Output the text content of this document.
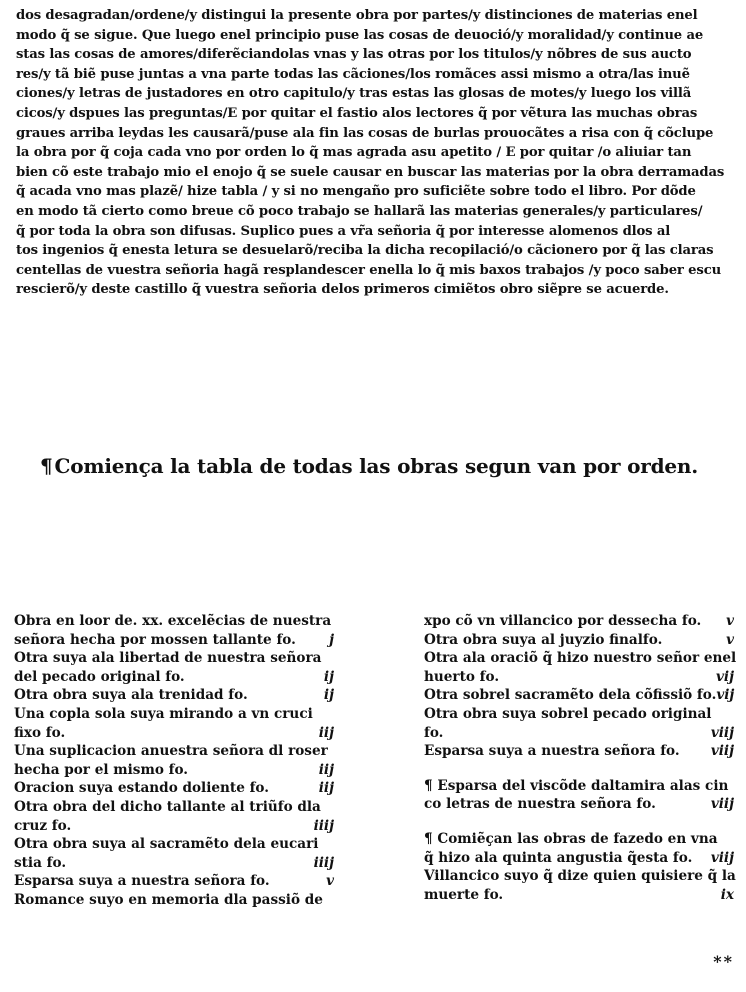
dos desagradan/ordene/y distingui la presente obra por partes/y distinciones de materias enel
modo q̃ se sigue. Que luego enel principio puse las cosas de deuoció/y moralidad/y continue ae
stas las cosas de amores/diferẽciandolas vnas y las otras por los titulos/y nõbres de sus aucto
res/y tã biẽ puse juntas a vna parte todas las cãciones/los romãces assi mismo a otra/las inuẽ
ciones/y letras de justadores en otro capitulo/y tras estas las glosas de motes/y luego los villã
cicos/y dspues las preguntas/E por quitar el fastio alos lectores q̃ por vẽtura las muchas obras
graues arriba leydas les causarã/puse ala fin las cosas de burlas prouocãtes a risa con q̃ cõclupe
la obra por q̃ coja cada vno por orden lo q̃ mas agrada asu apetito / E por quitar /o aliuiar tan
bien cõ este trabajo mio el enojo q̃ se suele causar en buscar las materias por la obra derramadas
q̃ acada vno mas plazẽ/ hize tabla / y si no mengaño pro suficiẽte sobre todo el libro. Por dõde
en modo tã cierto como breue cõ poco trabajo se hallarã las materias generales/y particulares/
q̃ por toda la obra son difusas. Suplico pues a vr̃a señoria q̃ por interesse alomenos dlos al
tos ingenios q̃ enesta letura se desuelarõ/reciba la dicha recopilació/o cãcionero por q̃ las claras
centellas de vuestra señoria hagã resplandescer enella lo q̃ mis baxos trabajos /y poco saber escu
rescierõ/y deste castillo q̃ vuestra señoria delos primeros cimiẽtos obro siẽpre se acuerde.
¶ Comiença la tabla de todas las obras segun van por orden.
Obra en loor de. xx. excelẽcias de nuestra
señora hecha por mossen tallante fo. j
Otra suya ala libertad de nuestra señora
del pecado original fo.	ij
Otra obra suya ala trenidad fo.	ij
Una copla sola suya mirando a vn cruci
fixo fo.	iij
Una suplicacion anuestra señora dl roser
hecha por el mismo fo.	iij
Oracion suya estando doliente fo.	iij
Otra obra del dicho tallante al triũfo dla
cruz fo.	iiij
Otra obra suya al sacramẽto dela eucari
stia fo.	iiij
Esparsa suya a nuestra señora fo.	v
Romance suyo en memoria dla passiõ de
xpo cõ vn villancico por dessecha fo. v
Otra obra suya al juyzio finalfo.	v
Otra ala oraciõ q̃ hizo nuestro señor enel
huerto fo.	vij
Otra sobrel sacramẽto dela cõfissiõ fo. vij
Otra obra suya sobrel pecado original
fo.	viij
Esparsa suya a nuestra señora fo. viij
¶ Esparsa del viscõde daltamira alas cin
co letras de nuestra señora fo.	viij
¶ Comiẽçan las obras de fazedo en vna
q̃ hizo ala quinta angustia q̃esta fo. viij
Villancico suyo q̃ dize quien quisiere q̃ la
muerte fo.	ix
**
